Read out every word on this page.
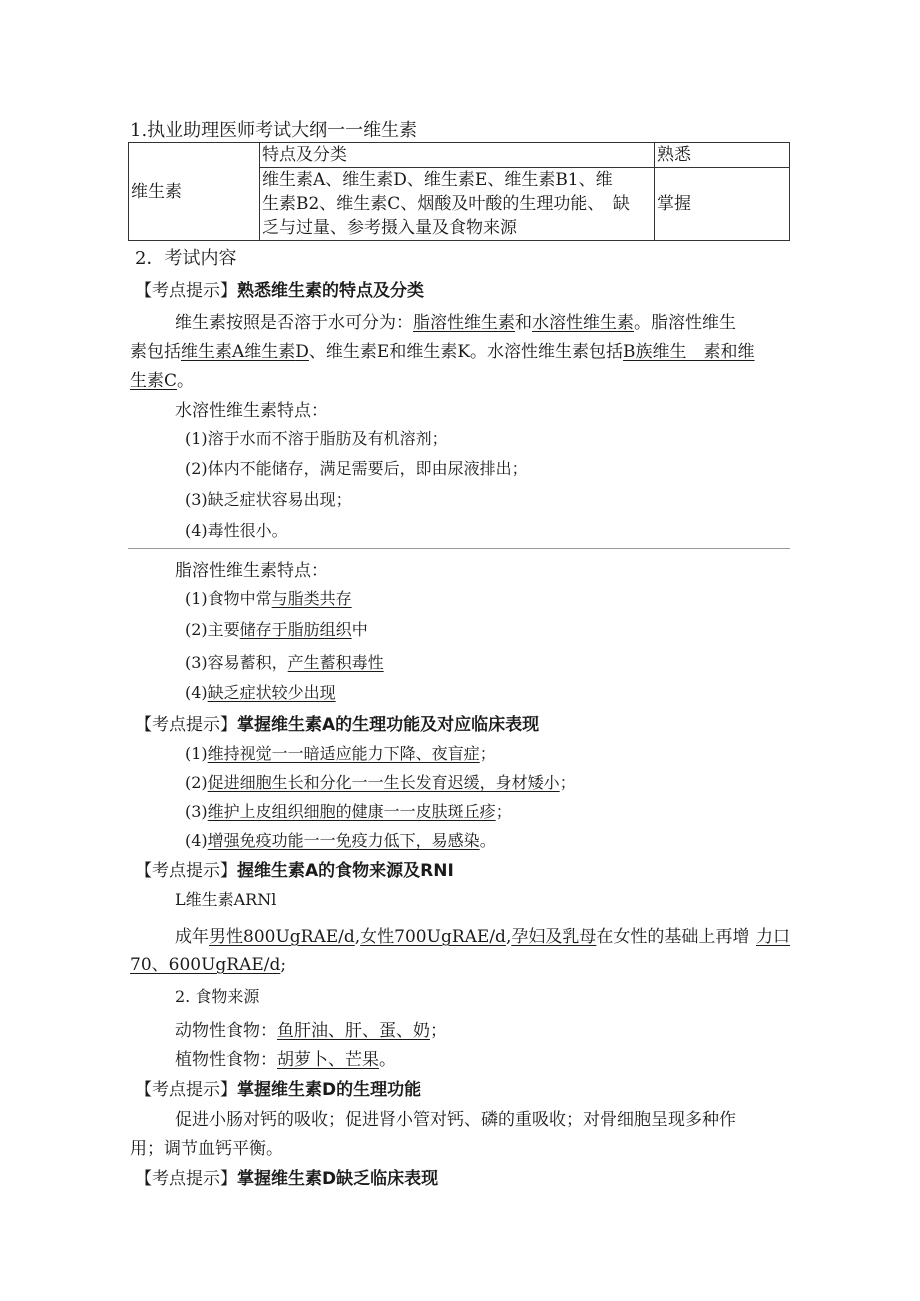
1.执业助理医师考试大纲一一维生素
维生素	特点及分类	熟悉

	维生素A、维生素D、维生素E、维生素B1、维
生素B2、维生素C、烟酸及叶酸的生理功能、　缺
乏与过量、参考摄入量及食物来源	掌握
2．考试内容
【考点提示】熟悉维生素的特点及分类
维生素按照是否溶于水可分为：脂溶性维生素和水溶性维生素。脂溶性维生
素包括维生素A维生素D、维生素E和维生素K。水溶性维生素包括B族维生　素和维
生素C。
水溶性维生素特点：
(1)溶于水而不溶于脂肪及有机溶剂；
(2)体内不能储存，满足需要后，即由尿液排出；
(3)缺乏症状容易出现；
(4)毒性很小。
脂溶性维生素特点：
(1)食物中常与脂类共存
(2)主要储存于脂肪组织中
(3)容易蓄积，产生蓄积毒性
(4)缺乏症状较少出现
【考点提示】掌握维生素A的生理功能及对应临床表现
(1)维持视觉一一暗适应能力下降、夜盲症；
(2)促进细胞生长和分化一一生长发育迟缓，身材矮小；
(3)维护上皮组织细胞的健康一一皮肤斑丘疹；
(4)增强免疫功能一一免疫力低下，易感染。
【考点提示】握维生素A的食物来源及RNI
L维生素ARNl
成年男性800UgRAE/d,女性700UgRAE/d,孕妇及乳母在女性的基础上再增 力口
70、600UgRAE/d;
2. 食物来源
动物性食物：鱼肝油、肝、蛋、奶；
植物性食物：胡萝卜、芒果。
【考点提示】掌握维生素D的生理功能
促进小肠对钙的吸收；促进肾小管对钙、磷的重吸收；对骨细胞呈现多种作
用；调节血钙平衡。
【考点提示】掌握维生素D缺乏临床表现
